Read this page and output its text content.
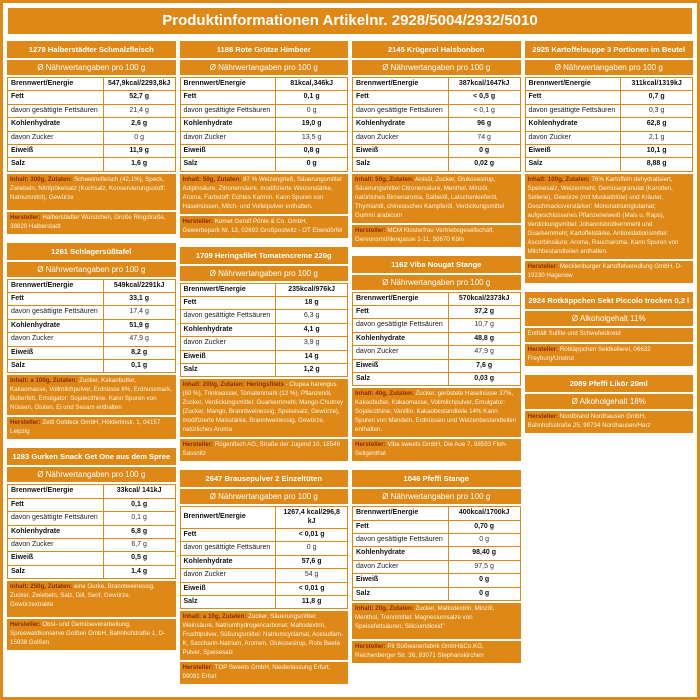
Produktinformationen Artikelnr. 2928/5004/2932/5010
1278 Halberstädter Schmalzfleisch
Ø Nährwertangaben pro 100 g
Brennwert/Energie	547,9kcal/2293,8kJ
Fett	52,7 g
davon gesättigte Fettsäuren	21,4 g
Kohlenhydrate	2,6 g
davon Zucker	0 g
Eiweiß	11,9 g
Salz	1,6 g
Inhalt: 300g, Zutaten: Schweinefleisch (42,1%), Speck, Zwiebeln, Nitritpökelsalz (Kochsalz, Konservierungsstoff: Natriumnitrit), Gewürze
Hersteller: Halberstädter Würstchen, Große Ringstraße, 38820 Halberstadt
1261 Schlagersüßtafel
Ø Nährwertangaben pro 100 g
Brennwert/Energie	549kcal/2291kJ
Fett	33,1 g
davon gesättigte Fettsäuren	17,4 g
Kohlenhydrate	51,9 g
davon Zucker	47,9 g
Eiweiß	8,2 g
Salz	0,1 g
Inhalt: a 100g, Zutaten: Zucker, Kakaobutter, Kakaomasse, Vollmilchpulver, Erdnüsse 6%, Erdnussmark, Butterfett, Emulgator: Sojalecithine. Kann Spuren von Nüssen, Gluten, Ei und Sesam enthalten
Hersteller: Zetti Goldeck GmbH, Hölderlinstr. 1, 04157 Leipzig
1283 Gurken Snack Get One aus dem Spree
Ø Nährwertangaben pro 100 g
Brennwert/Energie	33kcal/ 141kJ
Fett	0,1 g
davon gesättigte Fettsäuren	0,1 g
Kohlenhydrate	6,8 g
davon Zucker	6,7 g
Eiweiß	0,5 g
Salz	1,4 g
Inhalt: 250g, Zutaten: eine Gurke, Branntweinessig, Zucker, Zwiebeln, Salz, Dill, Senf, Gewürze, Gewürzextrakte
Hersteller: Obst- und Gemüseverarbeitung, Spreewaldkonserve Golßen GmbH, Bahnhofstraße 1, D-15938 Golßen
1188 Rote Grütze Himbeer
Ø Nährwertangaben pro 100 g
Brennwert/Energie	81kcal,346kJ
Fett	0,1 g
davon gesättigte Fettsäuren	0 g
Kohlenhydrate	19,0 g
davon Zucker	13,5 g
Eiweiß	0,8 g
Salz	0 g
Inhalt: 50g, Zutaten: 97 % Weizengrieß, Säuerungsmittel Adipinsäure, Zitronensäure, modifizierte Weizenstärke, Aroma, Farbstoff: Echtes Karmin. Kann Spuren von Haselnüssen, Milch- und Volleipulver enthalten.
Hersteller: Komet Gerolf Pöhle & Co. GmbH, Gewerbepark Nr. 13, 02692 Großpostwitz - OT Ebendörfel
1709 Heringsfilet Tomatencreme 220g
Ø Nährwertangaben pro 100 g
Brennwert/Energie	235kcal/976kJ
Fett	18 g
davon gesättigte Fettsäuren	6,3 g
Kohlenhydrate	4,1 g
davon Zucker	3,9 g
Eiweiß	14 g
Salz	1,2 g
Inhalt: 200g, Zutaten: Heringsfilets - Clupea harengus (60 %), Trinkwasser, Tomatenmark (12 %), Pflanzenöl, Zucker, Verdickungsmittel: Guarkernmehl; Mango-Chutney (Zucker, Mango, Branntweinessig, Speisesalz, Gewürze), modifizierte Maisstärke, Branntweinessig, Gewürze, natürliches Aroma
Hersteller: Rügenfisch AG, Straße der Jugend 10, 18546 Sassnitz
2647 Brausepulver 2 Einzeltüten
Ø Nährwertangaben pro 100 g
Brennwert/Energie	1267,4 kcal/296,8 kJ
Fett	< 0,01 g
davon gesättigte Fettsäuren	0 g
Kohlenhydrate	57,6 g
davon Zucker	54 g
Eiweiß	< 0,01 g
Salz	11,8 g
Inhalt: a 10g, Zutaten: Zucker, Säuerungsmittel: Weinsäure, Natriumhydrogencarbonat; Maltodextrin, Fruchtpulver, Süßungsmittel: Natriumcyclamat, Acesulfam-K, Saccharin-Natrium, Aromen, Glukosesirup, Rote Beete Pulver, Speisesalz
Hersteller: TOP Sweets GmbH, Niederlassung Erfurt, 99091 Erfurt
2145 Krügerol Halsbonbon
Ø Nährwertangaben pro 100 g
Brennwert/Energie	387kcal/1647kJ
Fett	< 0,5 g
davon gesättigte Fettsäuren	< 0,1 g
Kohlenhydrate	96 g
davon Zucker	74 g
Eiweiß	0 g
Salz	0,02 g
Inhalt: 50g, Zutaten: Anisöl, Zucker, Glukosesirup, Säuerungsmittel Citronensäure, Menthol, Minzöl, natürliches Birnenaroma, Salbeiöl, Latschenkieferöl, Thymianöl, chinesisches Kampferöl, Verdickungsmittel Gummi arabicum
Hersteller: MCM Klosterfrau Vertriebsgesellschaft, Gereonsmühlengasse 1-11, 50670 Köln
1162 Viba Nougat Stange
Ø Nährwertangaben pro 100 g
Brennwert/Energie	570kcal/2373kJ
Fett	37,2 g
davon gesättigte Fettsäuren	10,7 g
Kohlenhydrate	48,8 g
davon Zucker	47,9 g
Eiweiß	7,6 g
Salz	0,03 g
Inhalt: 40g, Zutaten: Zucker, geröstete Haselnüsse 37%, Kakaobutter, Kakaomasse, Vollmilchpulver, Emulgator: Sojalecithine; Vanillin. Kakaobestandteile 14% Kann Spuren von Mandeln, Erdnüssen und Weizenbestandteilen enthalten.
Hersteller: Viba sweets GmbH, Die Aue 7, 98593 Floh-Seligenthal
1046 Pfeffi Stange
Ø Nährwertangaben pro 100 g
Brennwert/Energie	400kcal/1700kJ
Fett	0,70 g
davon gesättigte Fettsäuren	0 g
Kohlenhydrate	98,40 g
davon Zucker	97,5 g
Eiweiß	0 g
Salz	0 g
Inhalt: 20g, Zutaten: Zucker, Maltodextrin, Minzöl, Menthol, Trennmittel: Magnesiumsalze von Speisefettsäuren; Siliciumdioxid"
Hersteller: Pit Süßwarenfabrik GmbH&Co.KG, Reichenberger Str. 36, 83071 Stephanskirchen
2925 Kartoffelsuppe 3 Portionen im Beutel
Ø Nährwertangaben pro 100 g
Brennwert/Energie	311kcal/1319kJ
Fett	0,7 g
davon gesättigte Fettsäuren	0,3 g
Kohlenhydrate	62,8 g
davon Zucker	2,1 g
Eiweiß	10,1 g
Salz	8,88 g
Inhalt: 100g, Zutaten: 76% Kartoffeln dehydratisiert, Speisesalz, Weizenmehl, Gemüsegranulat (Karotten, Sellerie), Gewürze (mit Muskatblüte) und Kräuter, Geschmacksverstärker: Mononatriumglutamat; aufgeschlossenes Pflanzeneiweiß (Mais u. Raps), Verdickungsmittel: Johannisbrotkernmehl und Guarkernmehl; Kartoffelstärke, Antioxidationsmittel: Ascorbinsäure; Aroma, Raucharoma. Kann Spuren von Milchbestandteilen enthalten.
Hersteller: Mecklenburger Kartoffelveredlung GmbH, D-19230 Hagenow
2924 Rotkäppchen Sekt Piccolo trocken 0,2 l
Ø Alkoholgehalt 11%
Enthält Sulfite und Schwefeldioxid
Hersteller: Rotkäppchen Sektkellerei, 06632 Freyburg/Unstrut
2089 Pfeffi Likör 20ml
Ø Alkoholgehalt 18%
Hersteller: Nordbrand Nordhausen GmbH, Bahnhofsstraße 25, 99734 Nordhausen/Harz
